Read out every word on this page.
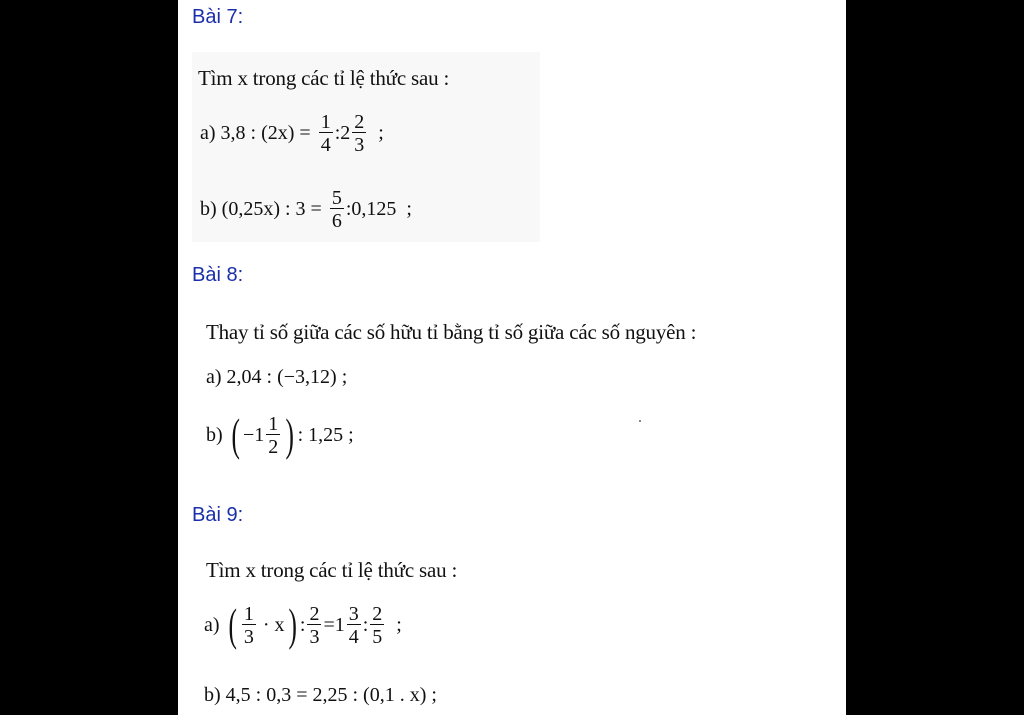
Bài 7:
Tìm x trong các tỉ lệ thức sau :
a)
3,8 : $(2x) = \frac{1}{4}$ : $2 \frac{2}{3}$
;
b)
(0,25x) : $3 = \frac{5}{6}$ :0,125
;
Bài 8:
Thay tỉ số giữa các số hữu tỉ bằng tỉ số giữa các số nguyên :
a) 2,04 : (−3,12) ;
b)
( $-1 \frac{1}{2}$ ) : 1,25 ;
Bài 9:
Tìm x trong các tỉ lệ thức sau :
a)
( $\frac{1}{3}$
· x ) : $\frac{2}{3} = 1 \frac{3}{4}$ : $\frac{2}{5}$
;
b) 4,5 : 0,3 = 2,25 : (0,1 . x) ;
